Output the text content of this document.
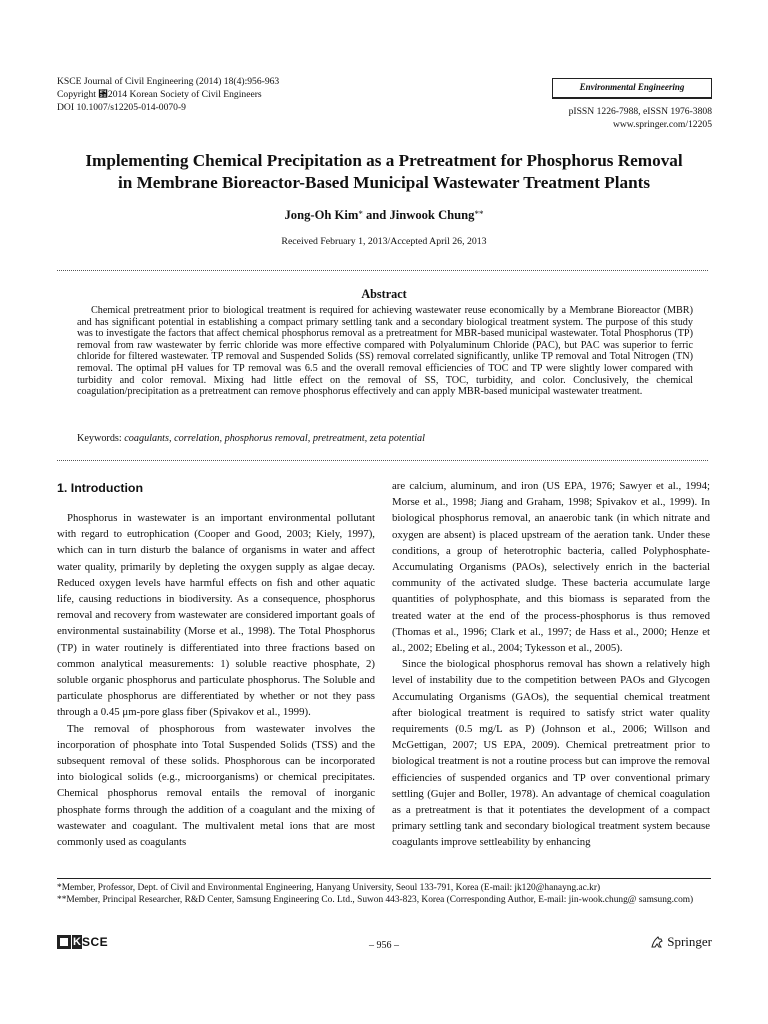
KSCE Journal of Civil Engineering (2014) 18(4):956-963
Copyright ␸2014 Korean Society of Civil Engineers
DOI 10.1007/s12205-014-0070-9
Environmental Engineering
pISSN 1226-7988, eISSN 1976-3808
www.springer.com/12205
Implementing Chemical Precipitation as a Pretreatment for Phosphorus Removal
in Membrane Bioreactor-Based Municipal Wastewater Treatment Plants
Jong-Oh Kim* and Jinwook Chung**
Received February 1, 2013/Accepted April 26, 2013
Abstract
Chemical pretreatment prior to biological treatment is required for achieving wastewater reuse economically by a Membrane Bioreactor (MBR) and has significant potential in establishing a compact primary settling tank and a secondary biological treatment system. The purpose of this study was to investigate the factors that affect chemical phosphorus removal as a pretreatment for MBR-based municipal wastewater. Total Phosphorus (TP) removal from raw wastewater by ferric chloride was more effective compared with Polyaluminum Chloride (PAC), but PAC was superior to ferric chloride for filtered wastewater. TP removal and Suspended Solids (SS) removal correlated significantly, unlike TP removal and Total Nitrogen (TN) removal. The optimal pH values for TP removal was 6.5 and the overall removal efficiencies of TOC and TP were slightly lower compared with turbidity and color removal. Mixing had little effect on the removal of SS, TOC, turbidity, and color. Conclusively, the chemical coagulation/precipitation as a pretreatment can remove phosphorus effectively and can apply MBR-based municipal wastewater treatment.
Keywords: coagulants, correlation, phosphorus removal, pretreatment, zeta potential
1. Introduction

Phosphorus in wastewater is an important environmental pollutant with regard to eutrophication (Cooper and Good, 2003; Kiely, 1997), which can in turn disturb the balance of organisms in water and affect water quality, primarily by depleting the oxygen supply as algae decay. Reduced oxygen levels have harmful effects on fish and other aquatic life, causing reductions in biodiversity. As a consequence, phosphorus removal and recovery from wastewater are considered important goals of environmental sustainability (Morse et al., 1998). The Total Phosphorus (TP) in water routinely is differentiated into three fractions based on common analytical measurements: 1) soluble reactive phosphate, 2) soluble organic phosphorus and particulate phosphorus. The Soluble and particulate phosphorus are differentiated by whether or not they pass through a 0.45 μm-pore glass fiber (Spivakov et al., 1999).

The removal of phosphorous from wastewater involves the incorporation of phosphate into Total Suspended Solids (TSS) and the subsequent removal of these solids. Phosphorous can be incorporated into biological solids (e.g., microorganisms) or chemical precipitates. Chemical phosphorus removal entails the removal of inorganic phosphate forms through the addition of a coagulant and the mixing of wastewater and coagulant. The multivalent metal ions that are most commonly used as coagulants

are calcium, aluminum, and iron (US EPA, 1976; Sawyer et al., 1994; Morse et al., 1998; Jiang and Graham, 1998; Spivakov et al., 1999). In biological phosphorus removal, an anaerobic tank (in which nitrate and oxygen are absent) is placed upstream of the aeration tank. Under these conditions, a group of heterotrophic bacteria, called Polyphosphate-Accumulating Organisms (PAOs), selectively enrich in the bacterial community of the activated sludge. These bacteria accumulate large quantities of polyphosphate, and this biomass is separated from the treated water at the end of the process-phosphorus is thus removed (Thomas et al., 1996; Clark et al., 1997; de Hass et al., 2000; Henze et al., 2002; Ebeling et al., 2004; Tykesson et al., 2005).

Since the biological phosphorus removal has shown a relatively high level of instability due to the competition between PAOs and Glycogen Accumulating Organisms (GAOs), the sequential chemical treatment after biological treatment is required to satisfy strict water quality requirements (0.5 mg/L as P) (Johnson et al., 2006; Willson and McGettigan, 2007; US EPA, 2009). Chemical pretreatment prior to biological treatment is not a routine process but can improve the removal efficiencies of suspended organics and TP over conventional primary settling (Gujer and Boller, 1978). An advantage of chemical coagulation as a pretreatment is that it potentiates the development of a compact primary settling tank and secondary biological treatment system because coagulants improve settleability by enhancing

*Member, Professor, Dept. of Civil and Environmental Engineering, Hanyang University, Seoul 133-791, Korea (E-mail: jk120@hanayng.ac.kr)
**Member, Principal Researcher, R&D Center, Samsung Engineering Co. Ltd., Suwon 443-823, Korea (Corresponding Author, E-mail: jin-wook.chung@ samsung.com)
K SCE	– 956 –	Springer
